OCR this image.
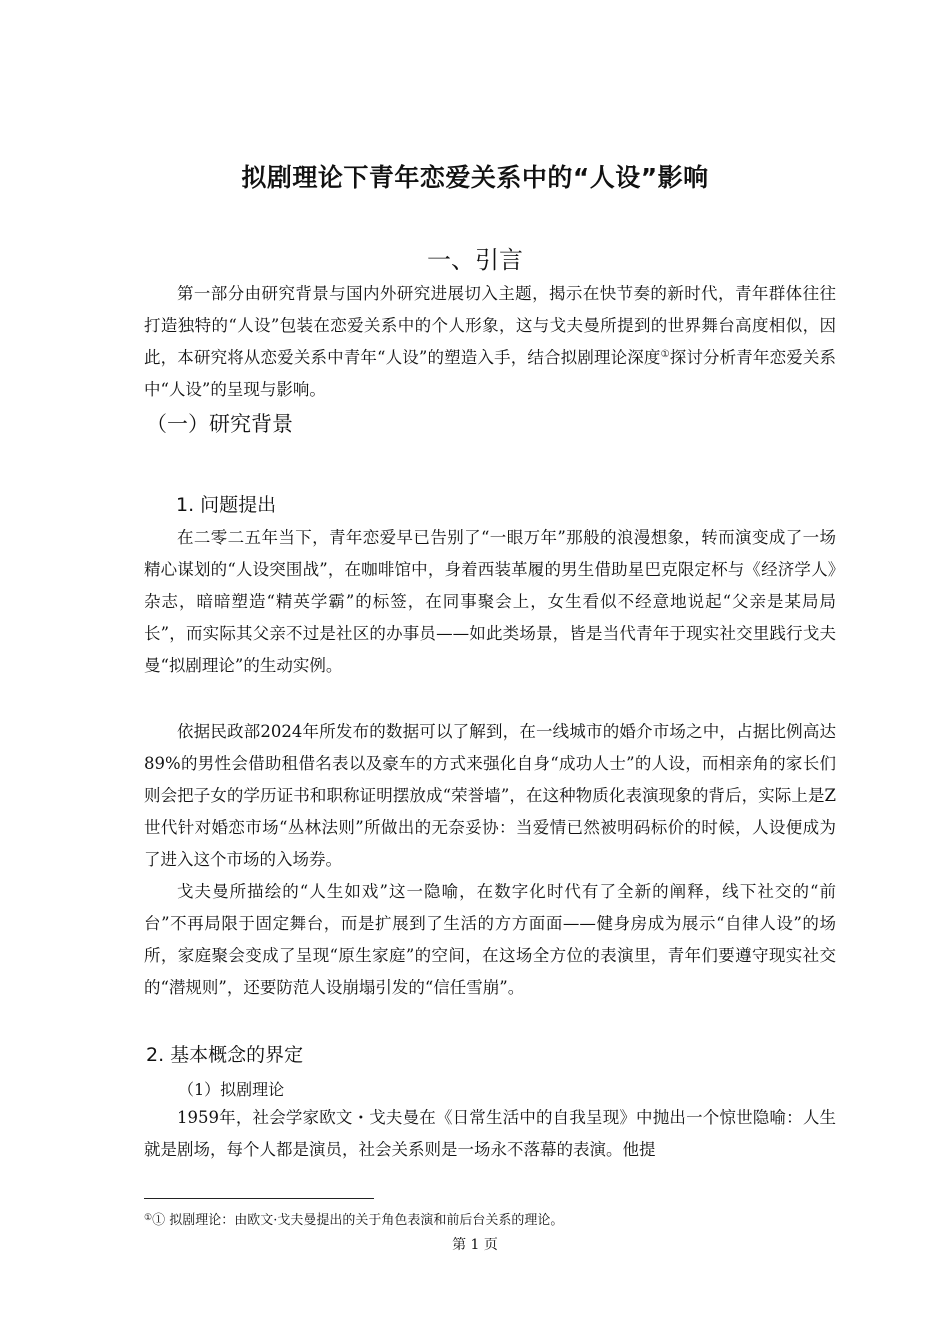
拟剧理论下青年恋爱关系中的“人设”影响
一、引言

第一部分由研究背景与国内外研究进展切入主题，揭示在快节奏的新时代，青年群体往往打造独特的“人设”包装在恋爱关系中的个人形象，这与戈夫曼所提到的世界舞台高度相似，因此，本研究将从恋爱关系中青年“人设”的塑造入手，结合拟剧理论深度①探讨分析青年恋爱关系中“人设”的呈现与影响。

（一）研究背景
1. 问题提出

在二零二五年当下，青年恋爱早已告别了“一眼万年”那般的浪漫想象，转而演变成了一场精心谋划的“人设突围战”，在咖啡馆中，身着西装革履的男生借助星巴克限定杯与《经济学人》杂志，暗暗塑造“精英学霸”的标签，在同事聚会上，女生看似不经意地说起“父亲是某局局长”，而实际其父亲不过是社区的办事员——如此类场景，皆是当代青年于现实社交里践行戈夫曼“拟剧理论”的生动实例。

依据民政部2024年所发布的数据可以了解到，在一线城市的婚介市场之中，占据比例高达89%的男性会借助租借名表以及豪车的方式来强化自身“成功人士”的人设，而相亲角的家长们则会把子女的学历证书和职称证明摆放成“荣誉墙”，在这种物质化表演现象的背后，实际上是Z世代针对婚恋市场“丛林法则”所做出的无奈妥协：当爱情已然被明码标价的时候，人设便成为了进入这个市场的入场券。

戈夫曼所描绘的“人生如戏”这一隐喻，在数字化时代有了全新的阐释，线下社交的“前台”不再局限于固定舞台，而是扩展到了生活的方方面面——健身房成为展示“自律人设”的场所，家庭聚会变成了呈现“原生家庭”的空间，在这场全方位的表演里，青年们要遵守现实社交的“潜规则”，还要防范人设崩塌引发的“信任雪崩”。

2. 基本概念的界定
（1）拟剧理论

1959年，社会学家欧文・戈夫曼在《日常生活中的自我呈现》中抛出一个惊世隐喻：人生就是剧场，每个人都是演员，社会关系则是一场永不落幕的表演。他提

①① 拟剧理论：由欧文·戈夫曼提出的关于角色表演和前后台关系的理论。
第 1 页
